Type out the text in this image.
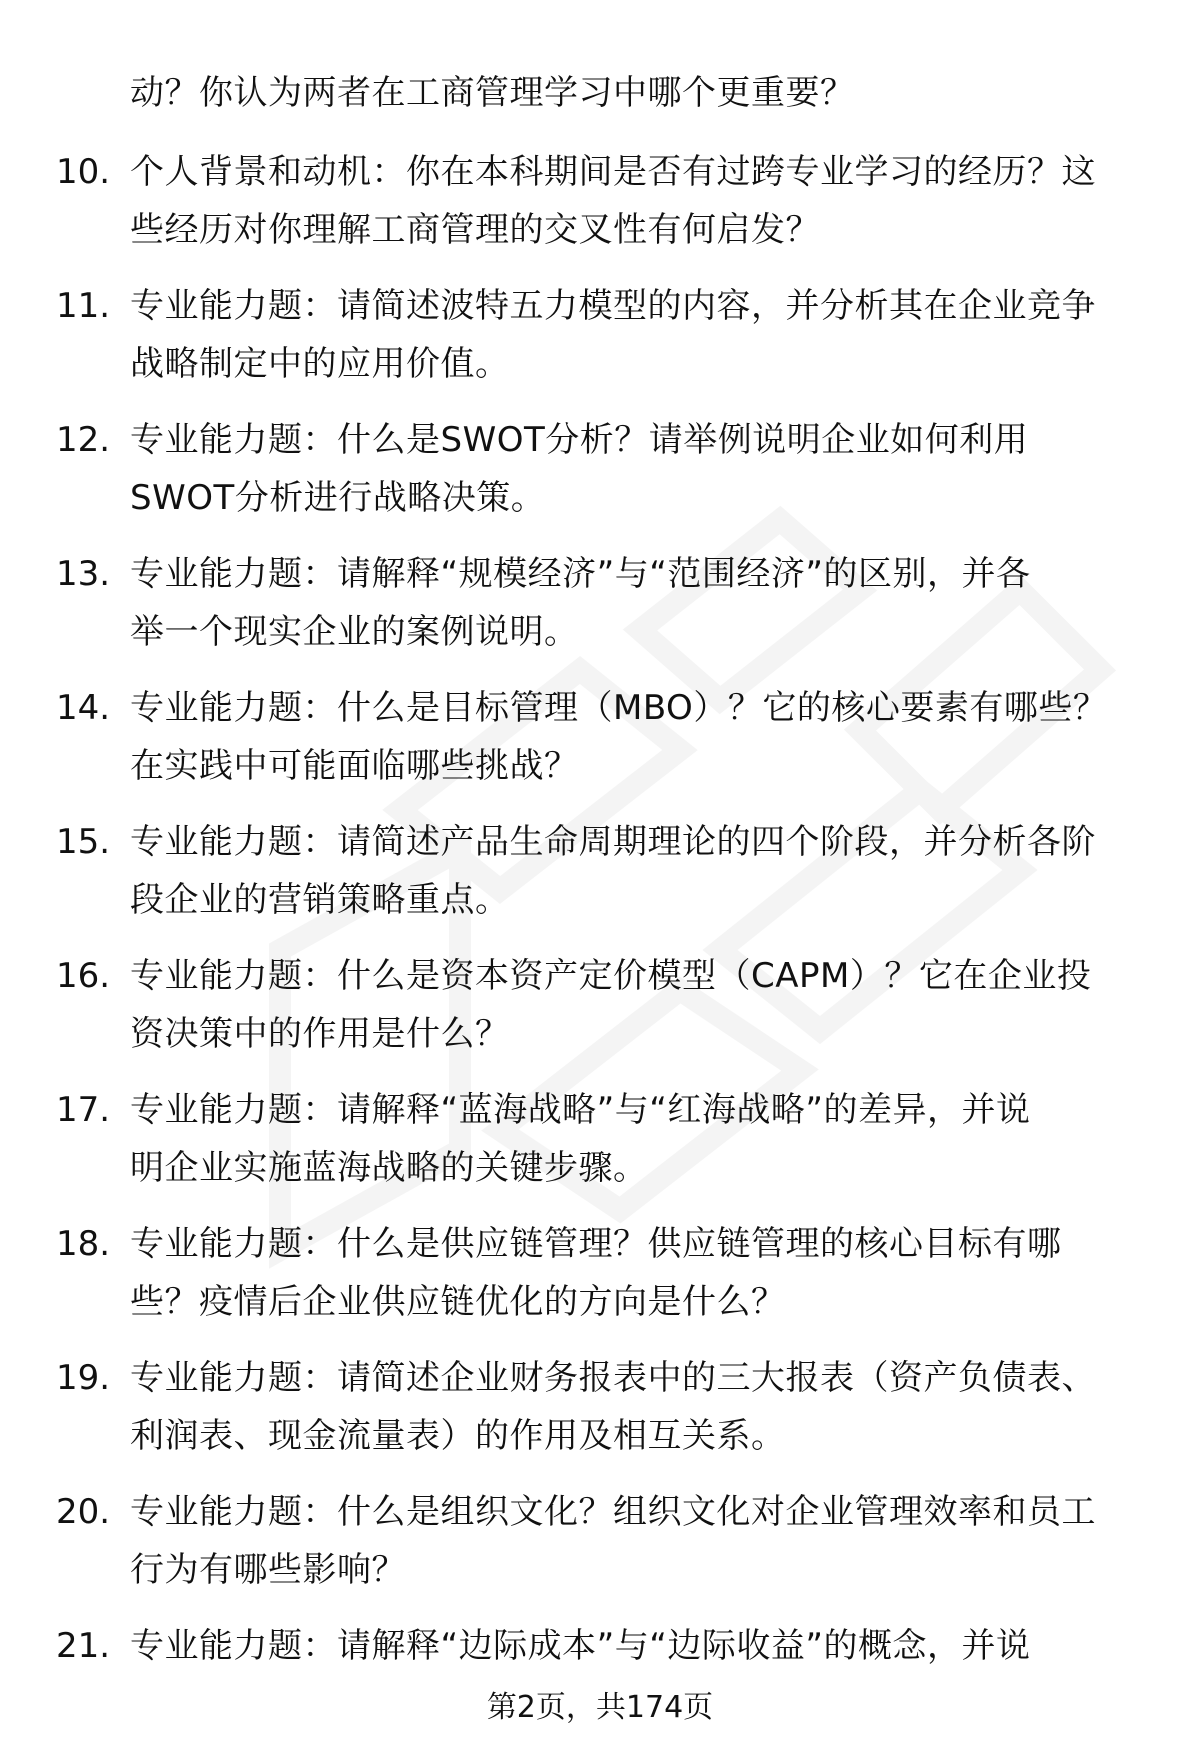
动？你认为两者在工商管理学习中哪个更重要？
10. 个人背景和动机：你在本科期间是否有过跨专业学习的经历？这
些经历对你理解工商管理的交叉性有何启发？
11. 专业能力题：请简述波特五力模型的内容，并分析其在企业竞争
战略制定中的应用价值。
12. 专业能力题：什么是SWOT分析？请举例说明企业如何利用
SWOT分析进行战略决策。
13. 专业能力题：请解释“规模经济”与“范围经济”的区别，并各
举一个现实企业的案例说明。
14. 专业能力题：什么是目标管理（MBO）？它的核心要素有哪些？
在实践中可能面临哪些挑战？
15. 专业能力题：请简述产品生命周期理论的四个阶段，并分析各阶
段企业的营销策略重点。
16. 专业能力题：什么是资本资产定价模型（CAPM）？它在企业投
资决策中的作用是什么？
17. 专业能力题：请解释“蓝海战略”与“红海战略”的差异，并说
明企业实施蓝海战略的关键步骤。
18. 专业能力题：什么是供应链管理？供应链管理的核心目标有哪
些？疫情后企业供应链优化的方向是什么？
19. 专业能力题：请简述企业财务报表中的三大报表（资产负债表、
利润表、现金流量表）的作用及相互关系。
20. 专业能力题：什么是组织文化？组织文化对企业管理效率和员工
行为有哪些影响？
21. 专业能力题：请解释“边际成本”与“边际收益”的概念，并说
第2页，共174页
